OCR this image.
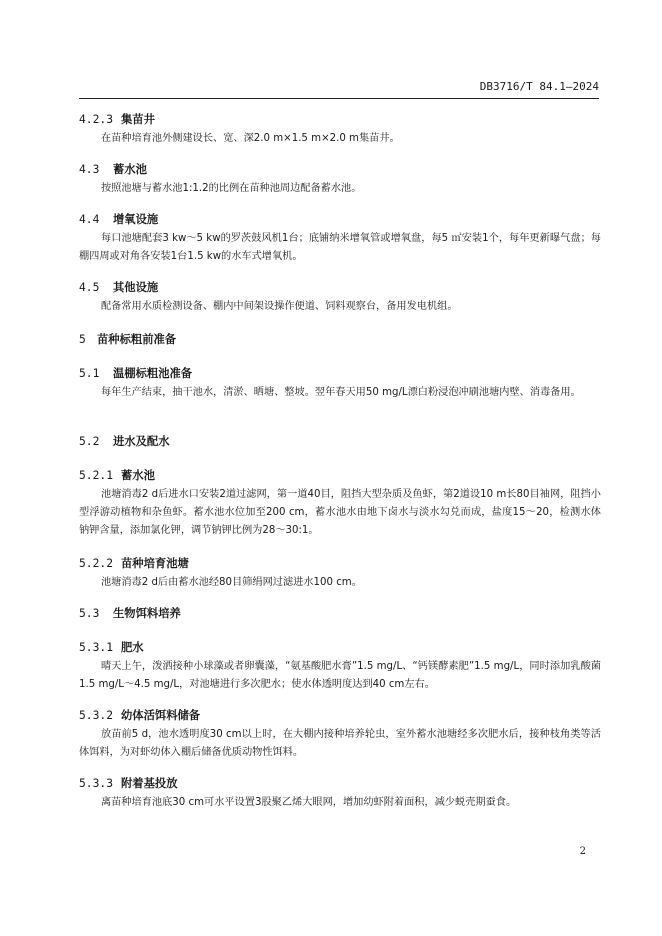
DB3716/T 84.1—2024
4.2.3 集苗井

在苗种培育池外侧建设长、宽、深2.0 m×1.5 m×2.0 m集苗井。

4.3 蓄水池

按照池塘与蓄水池1:1.2的比例在苗种池周边配备蓄水池。

4.4 增氧设施

每口池塘配套3 kw～5 kw的罗茨鼓风机1台；底铺纳米增氧管或增氧盘，每5 ㎡安装1个，每年更新曝气盘；每棚四周或对角各安装1台1.5 kw的水车式增氧机。

4.5 其他设施

配备常用水质检测设备、棚内中间架设操作便道、饲料观察台，备用发电机组。

5 苗种标粗前准备
5.1 温棚标粗池准备

每年生产结束，抽干池水，清淤、晒塘、整坡。翌年春天用50 mg/L漂白粉浸泡冲刷池塘内壁、消毒备用。

5.2 进水及配水
5.2.1 蓄水池

池塘消毒2 d后进水口安装2道过滤网，第一道40目，阻挡大型杂质及鱼虾，第2道设10 m长80目袖网，阻挡小型浮游动植物和杂鱼虾。蓄水池水位加至200 cm，蓄水池水由地下卤水与淡水勾兑而成，盐度15～20，检测水体钠钾含量，添加氯化钾，调节钠钾比例为28～30:1。

5.2.2 苗种培育池塘

池塘消毒2 d后由蓄水池经80目筛绢网过滤进水100 cm。

5.3 生物饵料培养
5.3.1 肥水

晴天上午，泼洒接种小球藻或者卵囊藻，“氨基酸肥水膏”1.5 mg/L、“钙镁酵素肥”1.5 mg/L，同时添加乳酸菌1.5 mg/L～4.5 mg/L，对池塘进行多次肥水；使水体透明度达到40 cm左右。

5.3.2 幼体活饵料储备

放苗前5 d，池水透明度30 cm以上时，在大棚内接种培养轮虫，室外蓄水池塘经多次肥水后，接种枝角类等活体饵料，为对虾幼体入棚后储备优质动物性饵料。

5.3.3 附着基投放

离苗种培育池底30 cm可水平设置3股聚乙烯大眼网，增加幼虾附着面积，减少蜕壳期蚕食。

2
